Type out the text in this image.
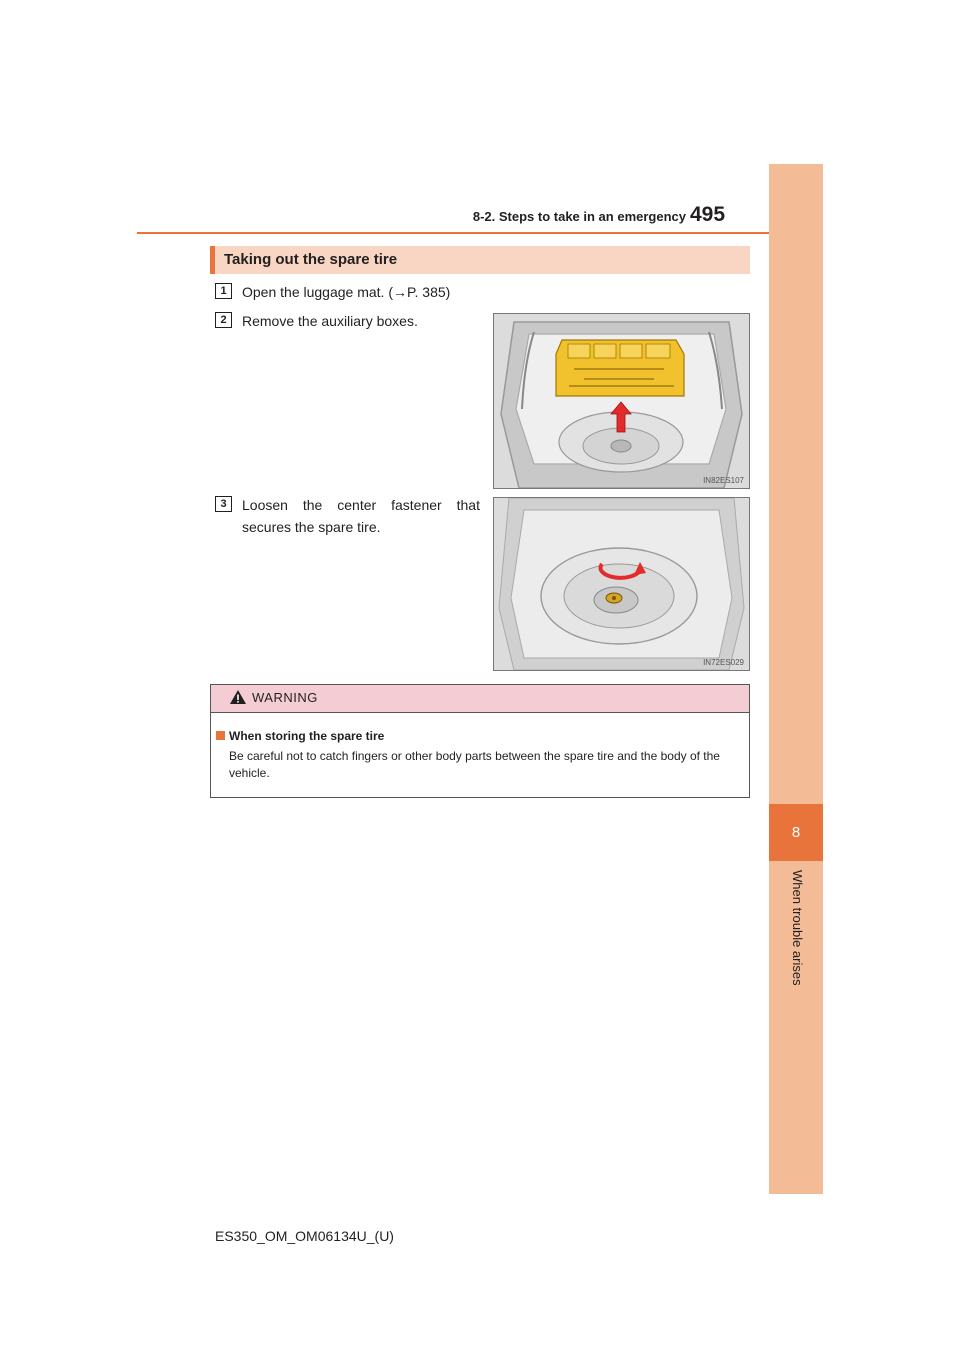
8-2. Steps to take in an emergency 495
8
When trouble arises
Taking out the spare tire
1 Open the luggage mat. (→P. 385)
2 Remove the auxiliary boxes.
IN82ES107
3 Loosen the center fastener that secures the spare tire.
IN72ES029
WARNING
When storing the spare tire
Be careful not to catch fingers or other body parts between the spare tire and the body of the vehicle.
ES350_OM_OM06134U_(U)
